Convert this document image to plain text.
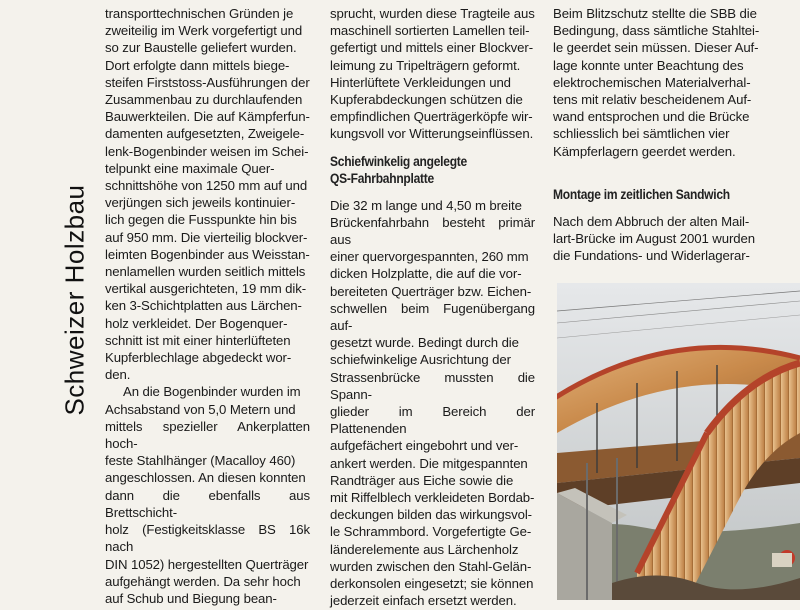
Schweizer Holzbau

transporttechnischen Gründen je
zweiteilig im Werk vorgefertigt und
so zur Baustelle geliefert wurden.
Dort erfolgte dann mittels biege-
steifen Firststoss-Ausführungen der
Zusammenbau zu durchlaufenden
Bauwerkteilen. Die auf Kämpferfun-
damenten aufgesetzten, Zweigele-
lenk-Bogenbinder weisen im Schei-
telpunkt eine maximale Quer-
schnittshöhe von 1250 mm auf und
verjüngen sich jeweils kontinuier-
lich gegen die Fusspunkte hin bis
auf 950 mm. Die vierteilig blockver-
leimten Bogenbinder aus Weisstan-
nenlamellen wurden seitlich mittels
vertikal ausgerichteten, 19 mm dik-
ken 3-Schichtplatten aus Lärchen-
holz verkleidet. Der Bogenquer-
schnitt ist mit einer hinterlüfteten
Kupferblechlage abgedeckt wor-
den.

An die Bogenbinder wurden im
Achsabstand von 5,0 Metern und
mittels spezieller Ankerplatten hoch-
feste Stahlhänger (Macalloy 460)
angeschlossen. An diesen konnten
dann die ebenfalls aus Brettschicht-
holz (Festigkeitsklasse BS 16k nach
DIN 1052) hergestellten Querträger
aufgehängt werden. Da sehr hoch
auf Schub und Biegung bean-

sprucht, wurden diese Tragteile aus
maschinell sortierten Lamellen teil-
gefertigt und mittels einer Blockver-
leimung zu Tripelträgern geformt.
Hinterlüftete Verkleidungen und
Kupferabdeckungen schützen die
empfindlichen Querträgerköpfe wir-
kungsvoll vor Witterungseinflüssen.

Schiefwinkelig angelegte
QS-Fahrbahnplatte

Die 32 m lange und 4,50 m breite
Brückenfahrbahn besteht primär aus
einer quervorgespannten, 260 mm
dicken Holzplatte, die auf die vor-
bereiteten Querträger bzw. Eichen-
schwellen beim Fugenübergang auf-
gesetzt wurde. Bedingt durch die
schiefwinkelige Ausrichtung der
Strassenbrücke mussten die Spann-
glieder im Bereich der Plattenenden
aufgefächert eingebohrt und ver-
ankert werden. Die mitgespannten
Randträger aus Eiche sowie die
mit Riffelblech verkleideten Bordab-
deckungen bilden das wirkungsvol-
le Schrammbord. Vorgefertigte Ge-
länderelemente aus Lärchenholz
wurden zwischen den Stahl-Gelän-
derkonsolen eingesetzt; sie können
jederzeit einfach ersetzt werden.

Beim Blitzschutz stellte die SBB die
Bedingung, dass sämtliche Stahltei-
le geerdet sein müssen. Dieser Auf-
lage konnte unter Beachtung des
elektrochemischen Materialverhal-
tens mit relativ bescheidenem Auf-
wand entsprochen und die Brücke
schliesslich bei sämtlichen vier
Kämpferlagern geerdet werden.

Montage im zeitlichen Sandwich

Nach dem Abbruch der alten Mail-
lart-Brücke im August 2001 wurden
die Fundations- und Widerlagerar-
